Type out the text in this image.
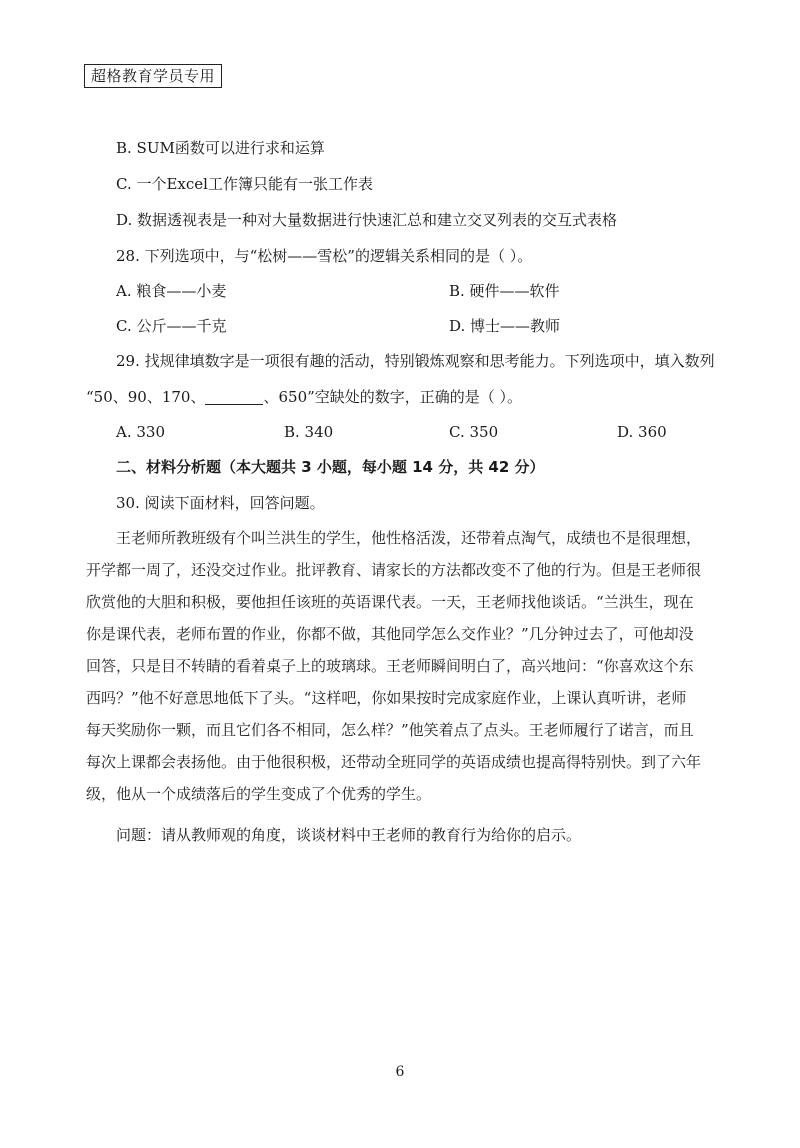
超格教育学员专用
B. SUM函数可以进行求和运算
C. 一个Excel工作簿只能有一张工作表
D. 数据透视表是一种对大量数据进行快速汇总和建立交叉列表的交互式表格
28. 下列选项中，与“松树——雪松”的逻辑关系相同的是（ ）。
A. 粮食——小麦	B. 硬件——软件
C. 公斤——千克	D. 博士——教师
29. 找规律填数字是一项很有趣的活动，特别锻炼观察和思考能力。下列选项中，填入数列
“50、90、170、	、650”空缺处的数字，正确的是（ ）。
A. 330	B. 340	C. 350	D. 360
二、材料分析题（本大题共 3 小题，每小题 14 分，共 42 分）
30. 阅读下面材料，回答问题。
王老师所教班级有个叫兰洪生的学生，他性格活泼，还带着点淘气，成绩也不是很理想，
开学都一周了，还没交过作业。批评教育、请家长的方法都改变不了他的行为。但是王老师很
欣赏他的大胆和积极，要他担任该班的英语课代表。一天，王老师找他谈话。“兰洪生，现在
你是课代表，老师布置的作业，你都不做，其他同学怎么交作业？”几分钟过去了，可他却没
回答，只是目不转睛的看着桌子上的玻璃球。王老师瞬间明白了，高兴地问：“你喜欢这个东
西吗？”他不好意思地低下了头。“这样吧，你如果按时完成家庭作业，上课认真听讲，老师
每天奖励你一颗，而且它们各不相同，怎么样？”他笑着点了点头。王老师履行了诺言，而且
每次上课都会表扬他。由于他很积极，还带动全班同学的英语成绩也提高得特别快。到了六年
级，他从一个成绩落后的学生变成了个优秀的学生。
问题：请从教师观的角度，谈谈材料中王老师的教育行为给你的启示。
6
